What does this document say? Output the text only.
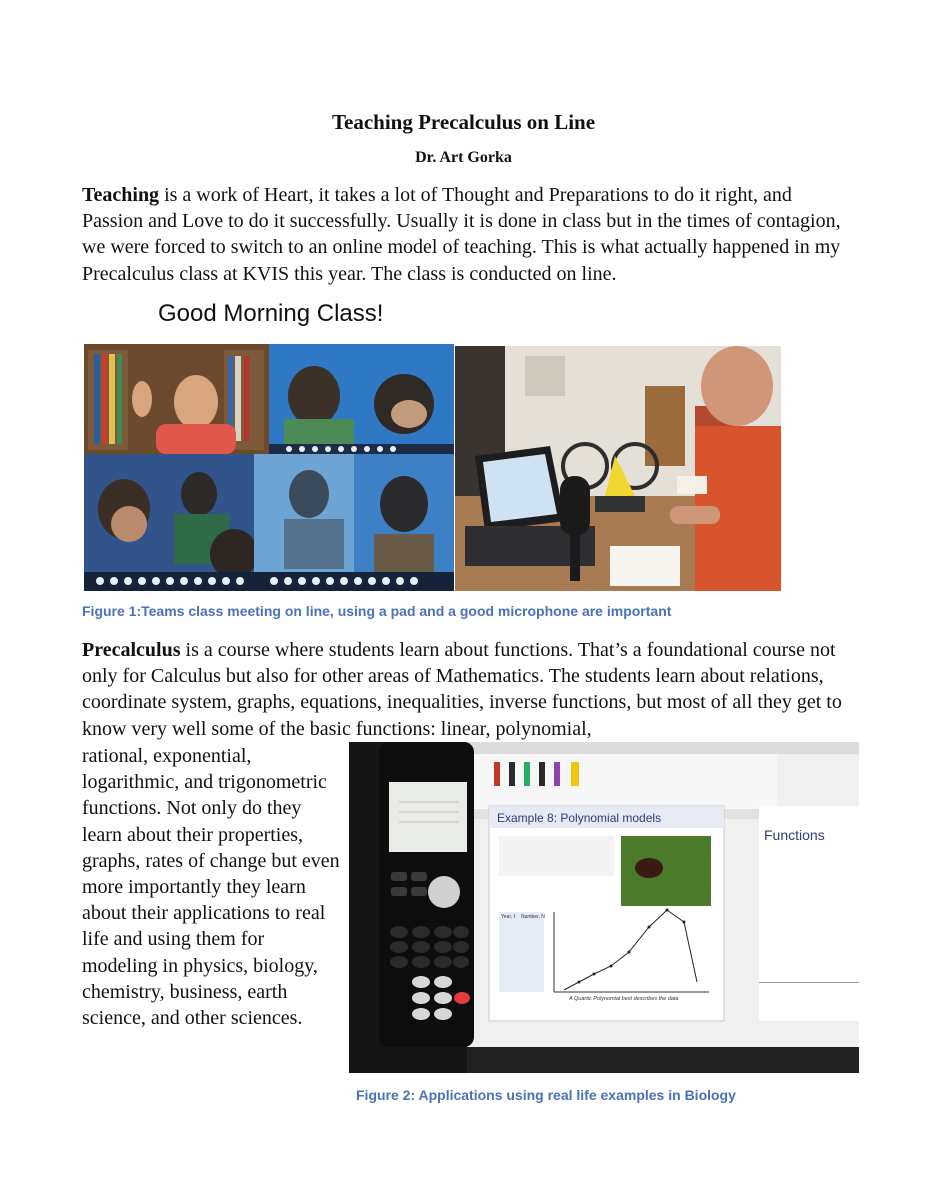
Teaching Precalculus on Line
Dr. Art Gorka

Teaching is a work of Heart, it takes a lot of Thought and Preparations to do it right, and Passion and Love to do it successfully. Usually it is done in class but in the times of contagion, we were forced to switch to an online model of teaching. This is what actually happened in my Precalculus class at KVIS this year. The class is conducted on line.

Good Morning Class!
Figure 1:Teams class meeting on line, using a pad and a good microphone are important

Precalculus is a course where students learn about functions. That’s a foundational course not only for Calculus but also for other areas of Mathematics. The students learn about relations, coordinate system, graphs, equations, inequalities, inverse functions, but most of all they get to know very well some of the basic functions: linear, polynomial,

rational, exponential, logarithmic, and trigonometric functions. Not only do they learn about their properties, graphs, rates of change but even more importantly they learn about their applications to real life and using them for modeling in physics, biology, chemistry, business, earth science, and other sciences.

Example 8: Polynomial models
Year, t Number, N
A Quartic Polynomial best describes the data
Functions
Figure 2: Applications using real life examples in Biology
